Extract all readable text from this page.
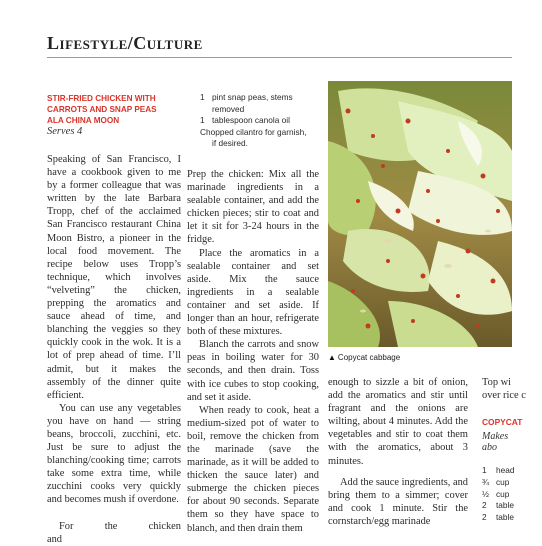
Lifestyle/Culture
STIR-FRIED CHICKEN WITH
CARROTS AND SNAP PEAS
ALA CHINA MOON
Serves 4

Speaking of San Francisco, I have a cookbook given to me by a former colleague that was written by the late Barbara Tropp, chef of the acclaimed San Francisco restaurant China Moon Bistro, a pioneer in the local food movement. The recipe below uses Tropp’s technique, which involves “velveting” the chicken, prepping the aromatics and sauce ahead of time, and blanching the veggies so they quickly cook in the wok. It is a lot of prep ahead of time. I’ll admit, but it makes the assembly of the dinner quite efficient.

You can use any vegetables you have on hand — string beans, broccoli, zucchini, etc. Just be sure to adjust the blanching/cooking time; carrots take some extra time, while zucchini cooks very quickly and becomes mush if overdone.

For the chicken and

1 pint snap peas, stems
removed
1 tablespoon canola oil
Chopped cilantro for garnish,
if desired.

Prep the chicken: Mix all the marinade ingredients in a sealable container, and add the chicken pieces; stir to coat and let it sit for 3-24 hours in the fridge.

Place the aromatics in a sealable container and set aside. Mix the sauce ingredients in a sealable container and set aside. If longer than an hour, refrigerate both of these mixtures.

Blanch the carrots and snow peas in boiling water for 30 seconds, and then drain. Toss with ice cubes to stop cooking, and set it aside.

When ready to cook, heat a medium-sized pot of water to boil, remove the chicken from the marinade (save the marinade, as it will be added to thicken the sauce later) and submerge the chicken pieces for about 90 seconds. Separate them so they have space to blanch, and then drain them

▲ Copycat cabbage

enough to sizzle a bit of onion, add the aromatics and stir until fragrant and the onions are wilting, about 4 minutes. Add the vegetables and stir to coat them with the aromatics, about 3 minutes.

Add the sauce ingredients, and bring them to a simmer; cover and cook 1 minute. Stir the cornstarch/egg marinade

Top wi
over rice c
COPYCAT
Makes abo
1 head
¾ cup
½ cup
2 table
2 table
